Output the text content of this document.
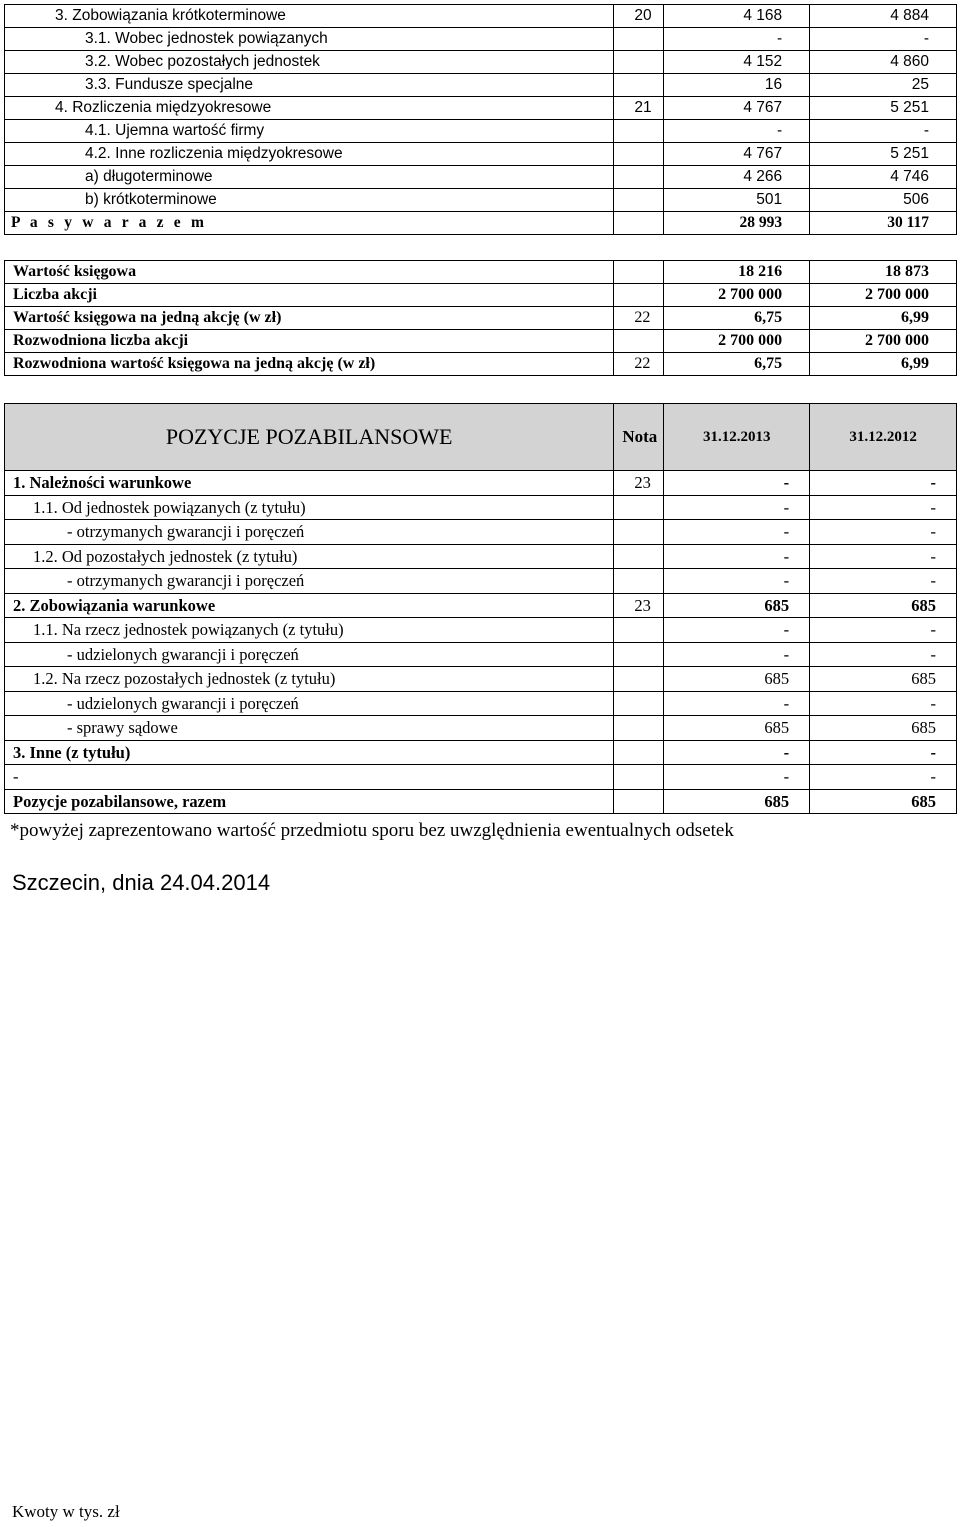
3. Zobowiązania krótkoterminowe	20	4 168	4 884
3.1. Wobec jednostek powiązanych		-	-
3.2. Wobec pozostałych jednostek		4 152	4 860
3.3. Fundusze specjalne		16	25
4. Rozliczenia międzyokresowe	21	4 767	5 251
4.1. Ujemna wartość firmy		-	-
4.2. Inne rozliczenia międzyokresowe		4 767	5 251
a) długoterminowe		4 266	4 746
b) krótkoterminowe		501	506
P a s y w a r a z e m		28 993	30 117
Wartość księgowa		18 216	18 873
Liczba akcji		2 700 000	2 700 000
Wartość księgowa na jedną akcję (w zł)	22	6,75	6,99
Rozwodniona liczba akcji		2 700 000	2 700 000
Rozwodniona wartość księgowa na jedną akcję (w zł)	22	6,75	6,99
POZYCJE POZABILANSOWE	Nota	31.12.2013	31.12.2012
1. Należności warunkowe	23	-	-
1.1. Od jednostek powiązanych (z tytułu)		-	-
- otrzymanych gwarancji i poręczeń		-	-
1.2. Od pozostałych jednostek (z tytułu)		-	-
- otrzymanych gwarancji i poręczeń		-	-
2. Zobowiązania warunkowe	23	685	685
1.1. Na rzecz jednostek powiązanych (z tytułu)		-	-
- udzielonych gwarancji i poręczeń		-	-
1.2. Na rzecz pozostałych jednostek (z tytułu)		685	685
- udzielonych gwarancji i poręczeń		-	-
- sprawy sądowe		685	685
3. Inne (z tytułu)		-	-
-		-	-
Pozycje pozabilansowe, razem		685	685
*powyżej zaprezentowano wartość przedmiotu sporu bez uwzględnienia ewentualnych odsetek
Szczecin, dnia 24.04.2014
Kwoty w tys. zł
